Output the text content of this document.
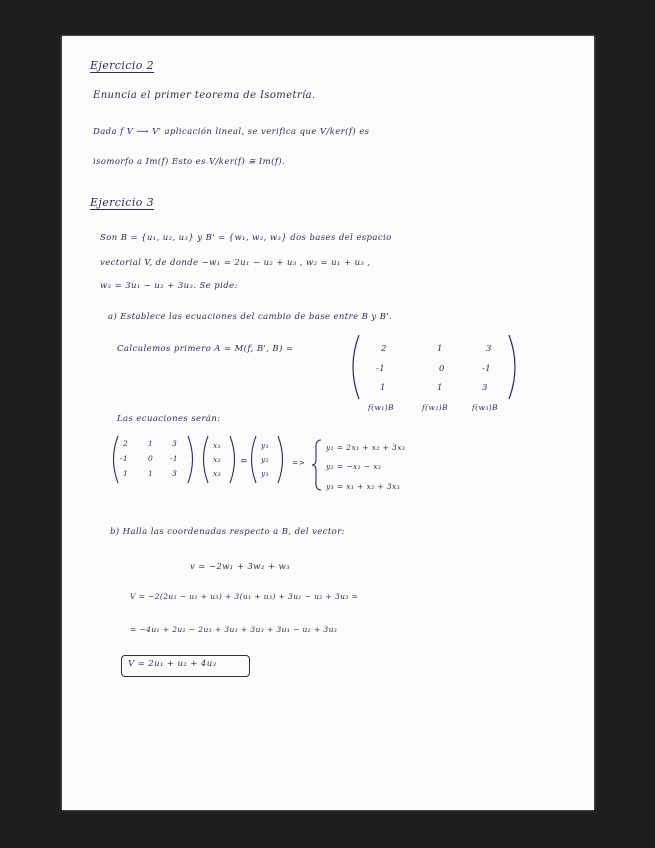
Ejercicio 2
Enuncia el primer teorema de Isometría.
Dada f V ⟶ V' aplicación lineal, se verifica que V/ker(f) es
isomorfo a Im(f) Esto es V/ker(f) ≅ Im(f).
Ejercicio 3
Son B = {u₁, u₂, u₃} y B' = {w₁, w₂, w₃} dos bases del espacio
vectorial V, de donde −w₁ = 2u₁ − u₂ + u₃ , w₂ = u₁ + u₃ ,
w₃ = 3u₁ − u₂ + 3u₃. Se pide:
a) Establece las ecuaciones del cambio de base entre B y B'.
Calculemos primero A = M(f, B', B) =	2	1	3
-1	0	-1
1	1	3
f(w₁)B	f(w₂)B	f(w₃)B
Las ecuaciones serán:
=
2	1	3
-1	0 -1
1	1	3
x₁
x₂
x₃
y₁
y₂
y₃
=>
y₁ = 2x₁ + x₂ + 3x₃
y₂ = −x₁ − x₃
y₃ = x₁ + x₂ + 3x₃
b) Halla las coordenadas respecto a B, del vector:
v = −2w₁ + 3w₂ + w₃
V = −2(2u₁ − u₂ + u₃) + 3(u₁ + u₃) + 3u₁ − u₂ + 3u₃ =
= −4u₁ + 2u₂ − 2u₃ + 3u₁ + 3u₃ + 3u₁ − u₂ + 3u₃
V = 2u₁ + u₂ + 4u₃
